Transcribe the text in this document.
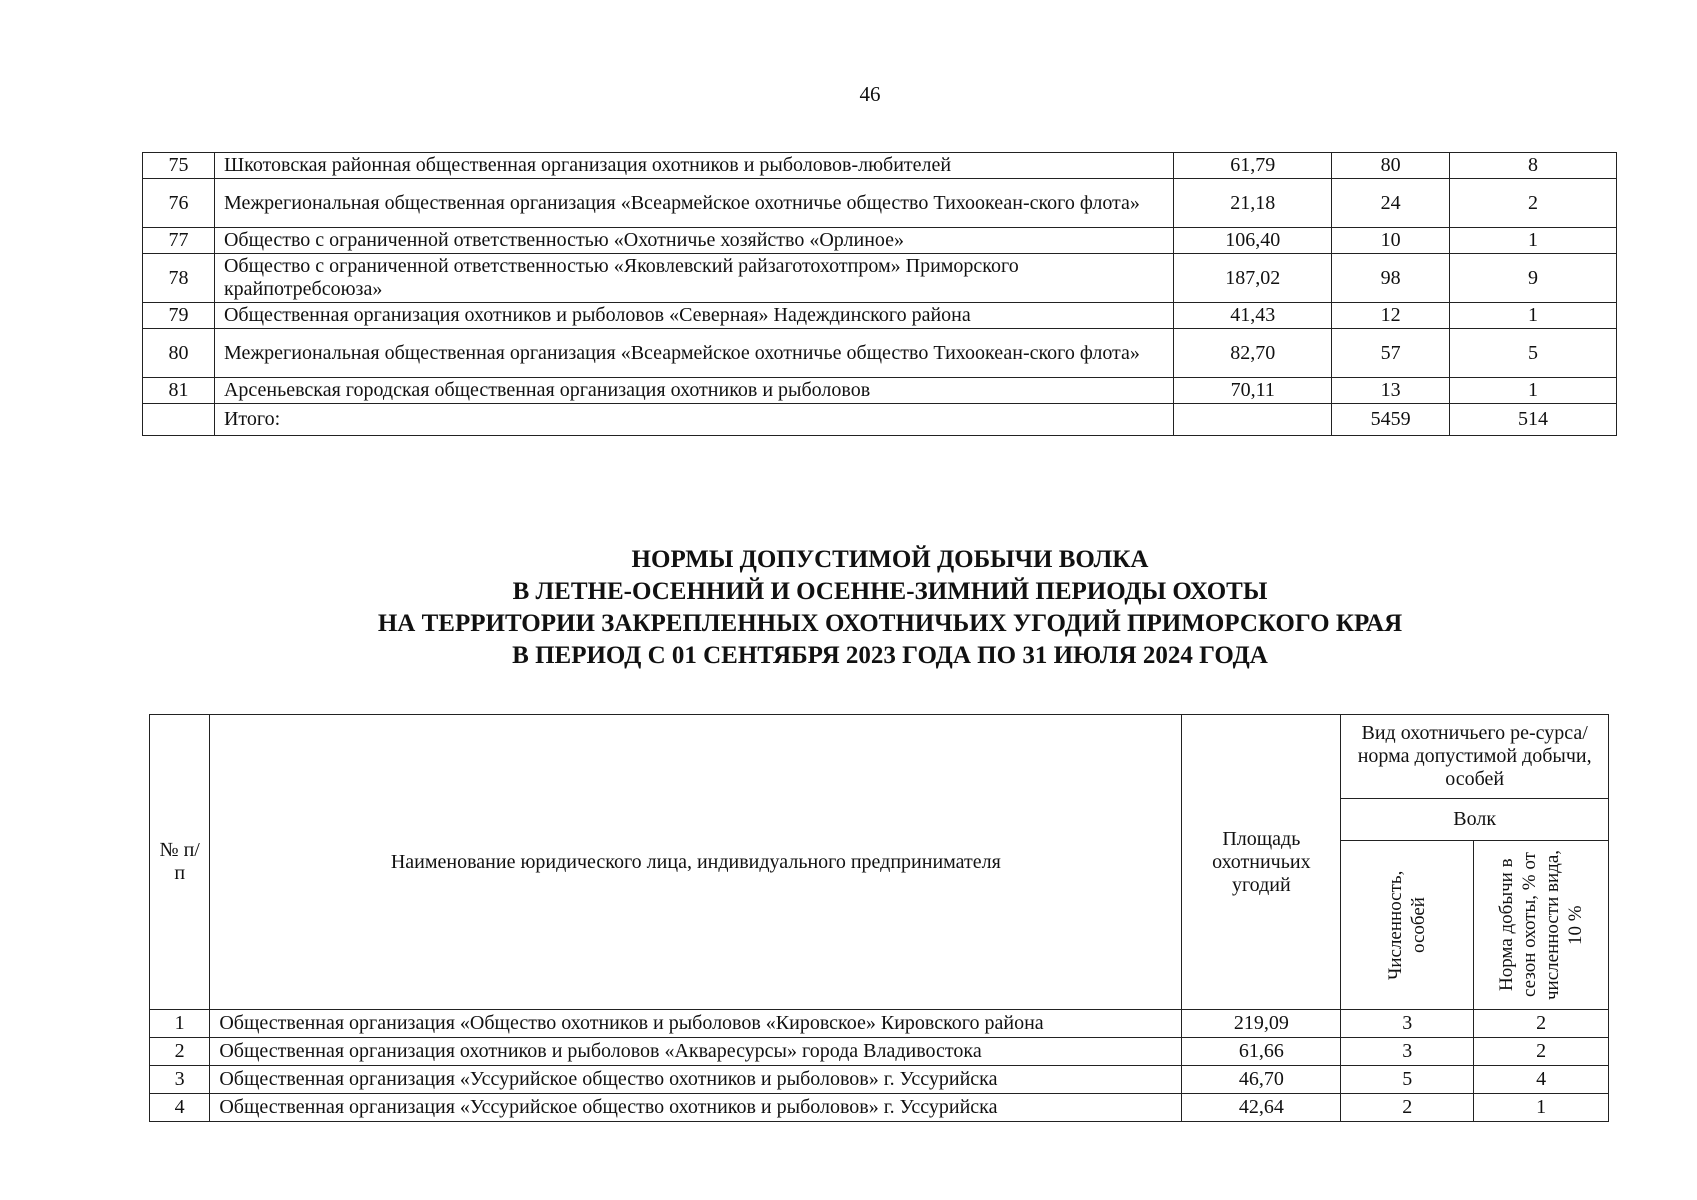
46
75	Шкотовская районная общественная организация охотников и рыболовов-любителей	61,79	80	8
76	Межрегиональная общественная организация «Всеармейское охотничье общество Тихоокеан-ского флота»	21,18	24	2
77	Общество с ограниченной ответственностью «Охотничье хозяйство «Орлиное»	106,40	10	1
78	Общество с ограниченной ответственностью «Яковлевский райзаготохотпром» Приморского крайпотребсоюза»	187,02	98	9
79	Общественная организация охотников и рыболовов «Северная» Надеждинского района	41,43	12	1
80	Межрегиональная общественная организация «Всеармейское охотничье общество Тихоокеан-ского флота»	82,70	57	5
81	Арсеньевская городская общественная организация охотников и рыболовов	70,11	13	1
	Итого:		5459	514
НОРМЫ ДОПУСТИМОЙ ДОБЫЧИ ВОЛКА
В ЛЕТНЕ-ОСЕННИЙ И ОСЕННЕ-ЗИМНИЙ ПЕРИОДЫ ОХОТЫ
НА ТЕРРИТОРИИ ЗАКРЕПЛЕННЫХ ОХОТНИЧЬИХ УГОДИЙ ПРИМОРСКОГО КРАЯ
В ПЕРИОД С 01 СЕНТЯБРЯ 2023 ГОДА ПО 31 ИЮЛЯ 2024 ГОДА
№ п/п	Наименование юридического лица, индивидуального предпринимателя	Площадь охотничьих угодий	Вид охотничьего ре-сурса/норма допустимой добычи, особей	
			Волк	

			Численность, особей	Норма добычи в сезон охоты, % от численности вида, 10 %

1	Общественная организация «Общество охотников и рыболовов «Кировское» Кировского района	219,09	3	2
2	Общественная организация охотников и рыболовов «Акваресурсы» города Владивостока	61,66	3	2
3	Общественная организация «Уссурийское общество охотников и рыболовов» г. Уссурийска	46,70	5	4
4	Общественная организация «Уссурийское общество охотников и рыболовов» г. Уссурийска	42,64	2	1
